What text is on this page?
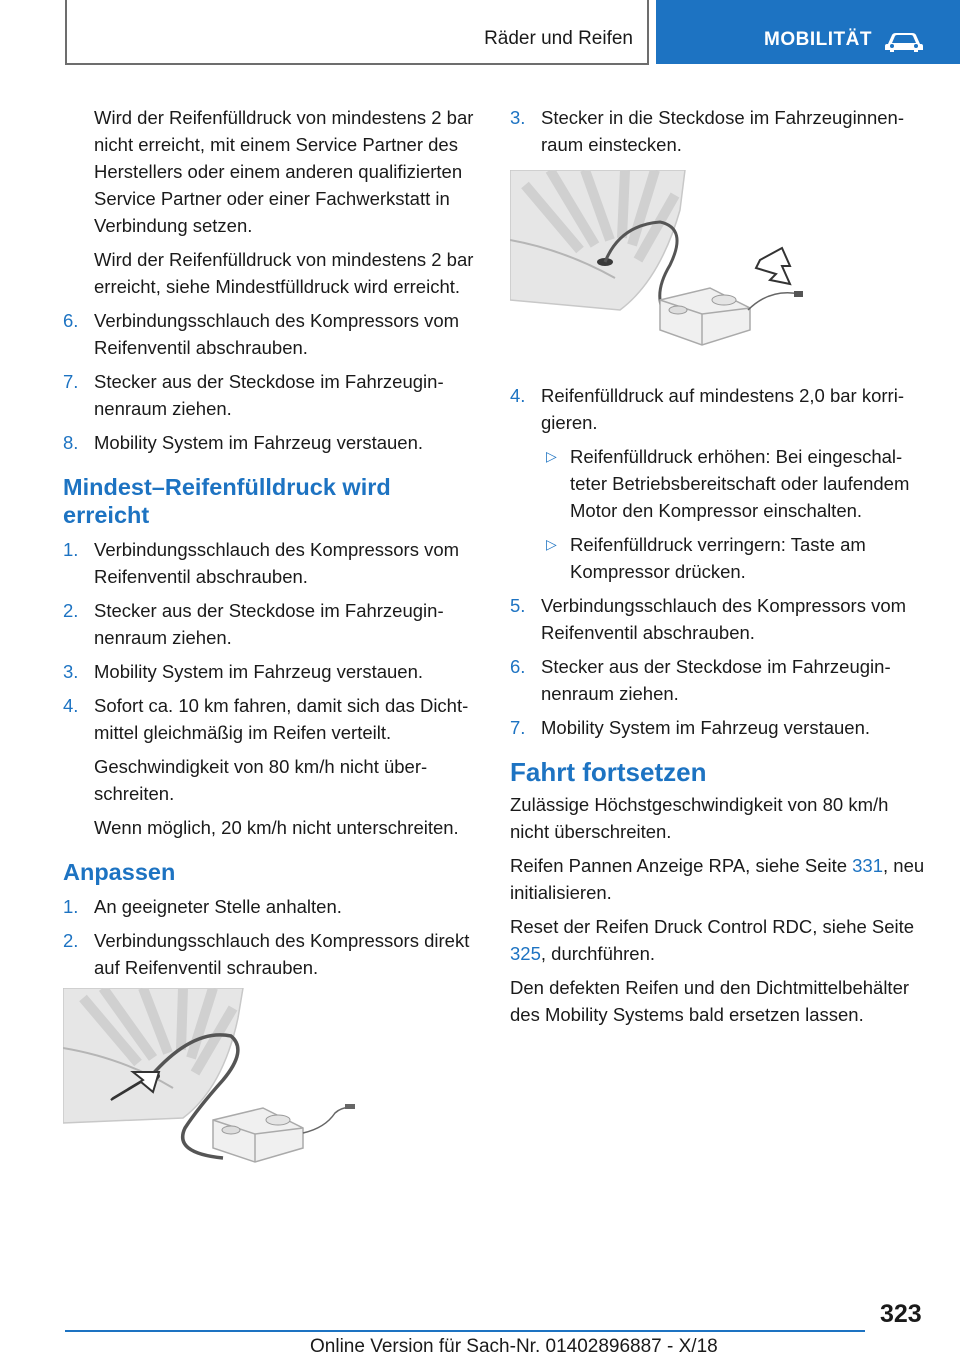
Räder und Reifen	MOBILITÄT

Wird der Reifenfülldruck von mindestens 2 bar nicht erreicht, mit einem Service Partner des Herstellers oder einem anderen qualifizierten Service Partner oder einer Fachwerkstatt in Verbindung setzen.

Wird der Reifenfülldruck von mindestens 2 bar erreicht, siehe Mindestfülldruck wird erreicht.

6. Verbindungsschlauch des Kompressors vom Reifenventil abschrauben.
7. Stecker aus der Steckdose im Fahrzeuginnenraum ziehen.
8. Mobility System im Fahrzeug verstauen.
Mindest–Reifenfülldruck wird erreicht
1. Verbindungsschlauch des Kompressors vom Reifenventil abschrauben.
2. Stecker aus der Steckdose im Fahrzeuginnenraum ziehen.
3. Mobility System im Fahrzeug verstauen.
4. Sofort ca. 10 km fahren, damit sich das Dichtmittel gleichmäßig im Reifen verteilt.

Geschwindigkeit von 80 km/h nicht überschreiten.

Wenn möglich, 20 km/h nicht unterschreiten.

Anpassen
1. An geeigneter Stelle anhalten.
2. Verbindungsschlauch des Kompressors direkt auf Reifenventil schrauben.
3. Stecker in die Steckdose im Fahrzeuginnenraum einstecken.
4. Reifenfülldruck auf mindestens 2,0 bar korrigieren.
▷ Reifenfülldruck erhöhen: Bei eingeschalteter Betriebsbereitschaft oder laufendem Motor den Kompressor einschalten.
▷ Reifenfülldruck verringern: Taste am Kompressor drücken.
5. Verbindungsschlauch des Kompressors vom Reifenventil abschrauben.
6. Stecker aus der Steckdose im Fahrzeuginnenraum ziehen.
7. Mobility System im Fahrzeug verstauen.
Fahrt fortsetzen

Zulässige Höchstgeschwindigkeit von 80 km/h nicht überschreiten.

Reifen Pannen Anzeige RPA, siehe Seite 331, neu initialisieren.

Reset der Reifen Druck Control RDC, siehe Seite 325, durchführen.

Den defekten Reifen und den Dichtmittelbehälter des Mobility Systems bald ersetzen lassen.

323
Online Version für Sach-Nr. 01402896887 - X/18
